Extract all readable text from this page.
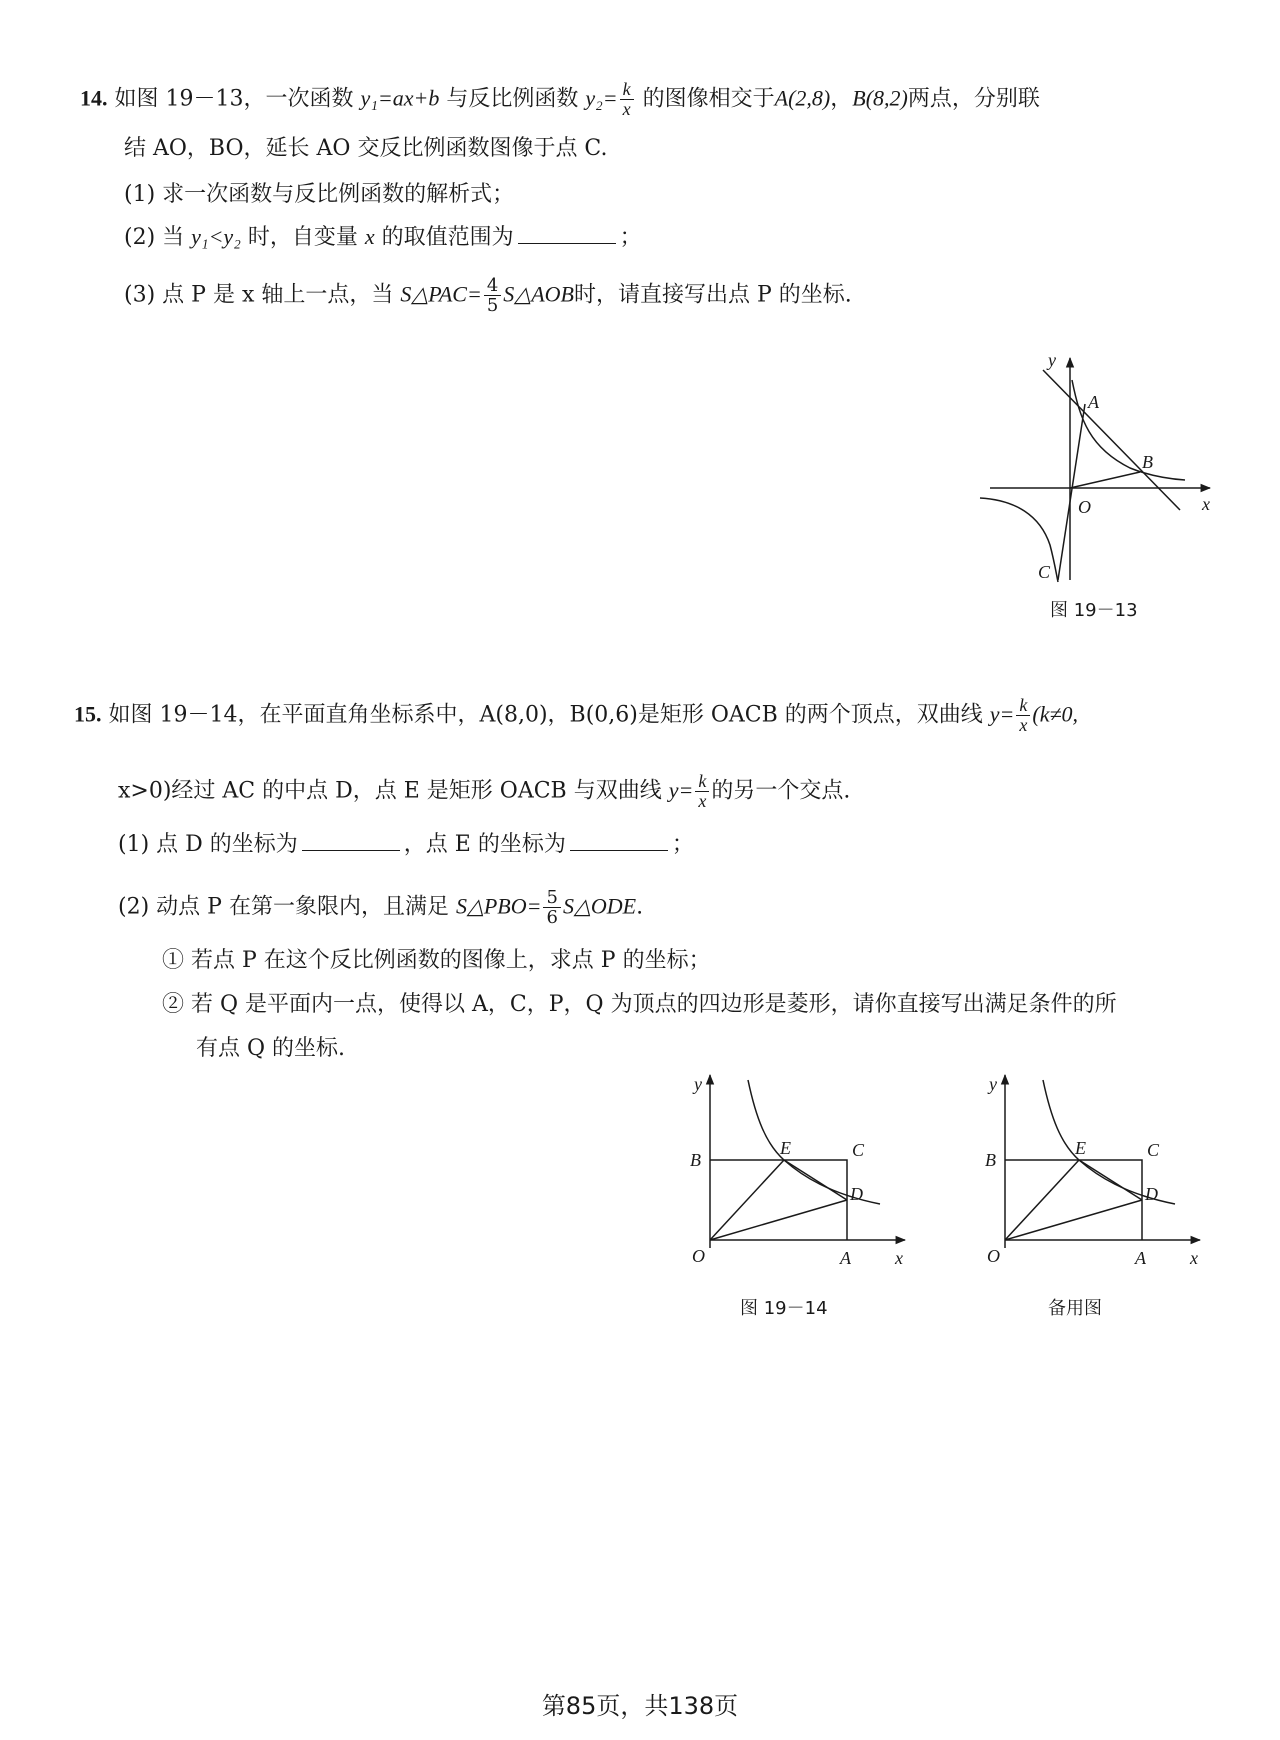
14. 如图 19－13，一次函数 y₁=ax+b 与反比例函数 $y_2= \frac{k}{x}$ 的图像相交于A(2,8)，B(8,2)两点，分别联
结 AO，BO，延长 AO 交反比例函数图像于点 C.
(1) 求一次函数与反比例函数的解析式；
(2) 当 y₁<y₂ 时，自变量 x 的取值范围为	；
(3) 点 P 是 x 轴上一点，当 S△PAC= $\frac{4}{5}$ S△AOB时，请直接写出点 P 的坐标.
y
x
O
A
B
C
图 19－13
15. 如图 19－14，在平面直角坐标系中，A(8,0)，B(0,6)是矩形 OACB 的两个顶点，双曲线 $y= \frac{k}{x} (k\ne 0$,
x>0)经过 AC 的中点 D，点 E 是矩形 OACB 与双曲线 $y= \frac{k}{x}$ 的另一个交点.
(1) 点 D 的坐标为	，点 E 的坐标为	；
(2) 动点 P 在第一象限内，且满足 S△PBO= $\frac{5}{6}$ S△ODE.
① 若点 P 在这个反比例函数的图像上，求点 P 的坐标；
② 若 Q 是平面内一点，使得以 A，C，P，Q 为顶点的四边形是菱形，请你直接写出满足条件的所
有点 Q 的坐标.
y
x
O
B
E	C
D
A
图 19－14
y
x
O
B
E	C
D
A
备用图
第85页，共138页
